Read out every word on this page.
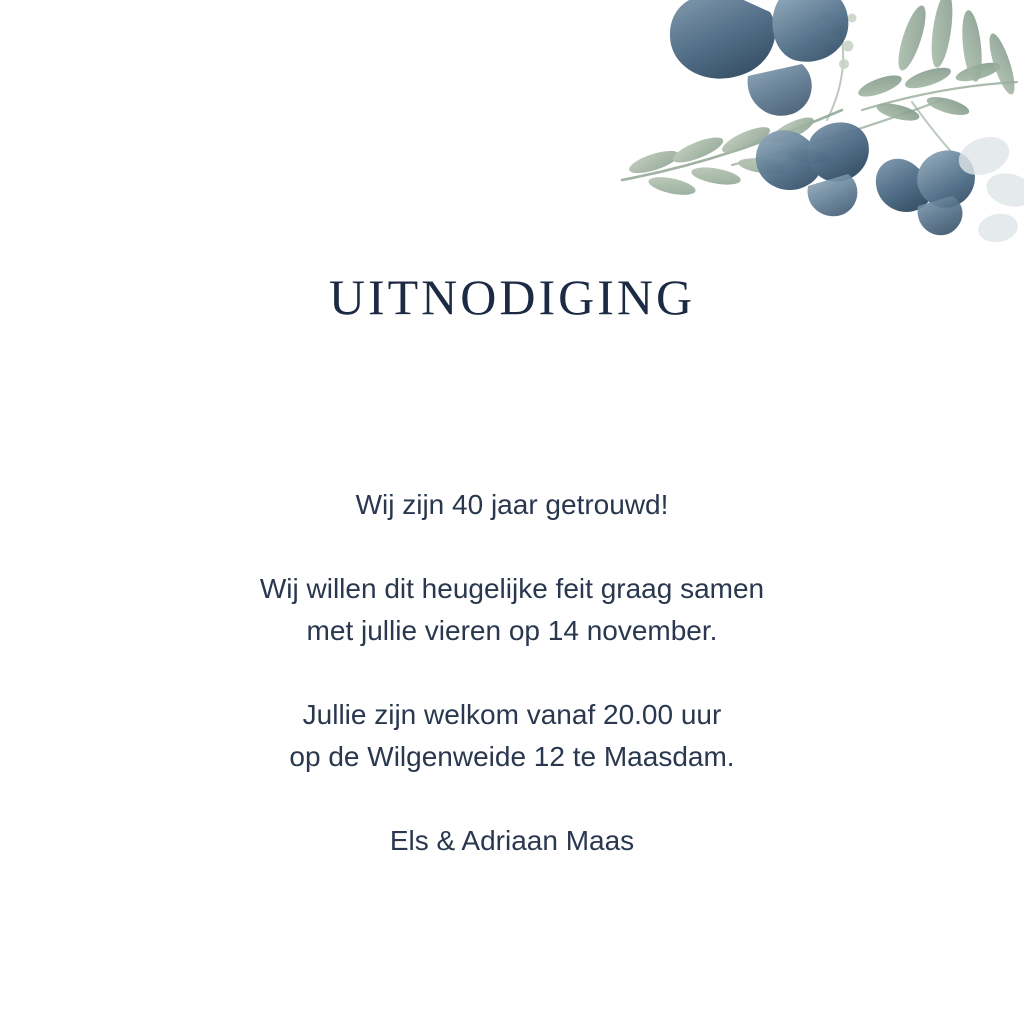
UITNODIGING

Wij zijn 40 jaar getrouwd!

Wij willen dit heugelijke feit graag samen
met jullie vieren op 14 november.

Jullie zijn welkom vanaf 20.00 uur
op de Wilgenweide 12 te Maasdam.

Els & Adriaan Maas
